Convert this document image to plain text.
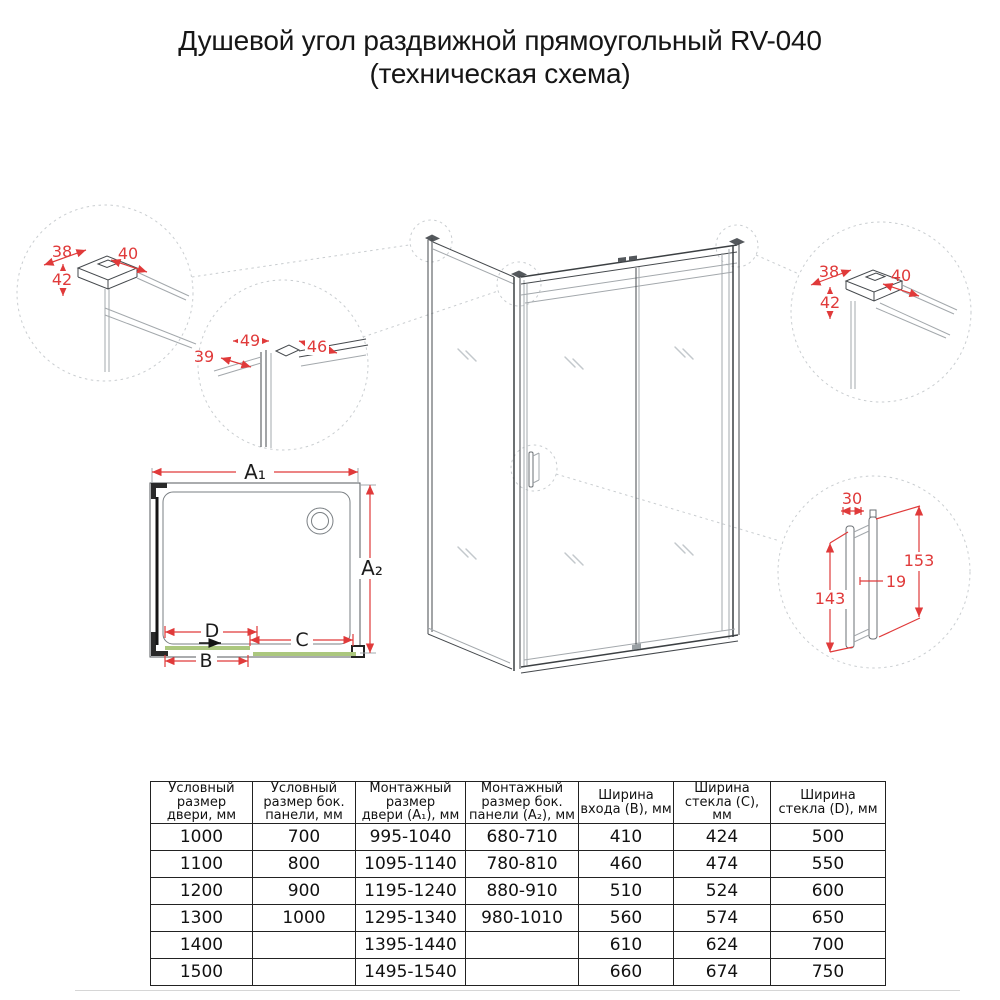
Душевой угол раздвижной прямоугольный RV-040
(техническая схема)
38	40
42
49	46
39
38	40
42
30
153
19
143
A₁
A₂
D	C
B
Условный
размер
двери, мм

Условный
размер бок.
панели, мм

Монтажный
размер
двери (A₁), мм

Монтажный
размер бок.
панели (A₂), мм

Ширина
входа (B), мм

Ширина
стекла (C), мм

Ширина
стекла (D), мм

1000	700	995-1040	680-710	410	424	500
1100	800	1095-1140	780-810	460	474	550
1200	900	1195-1240	880-910	510	524	600
1300	1000	1295-1340	980-1010	560	574	650
1400		1395-1440		610	624	700
1500		1495-1540		660	674	750
